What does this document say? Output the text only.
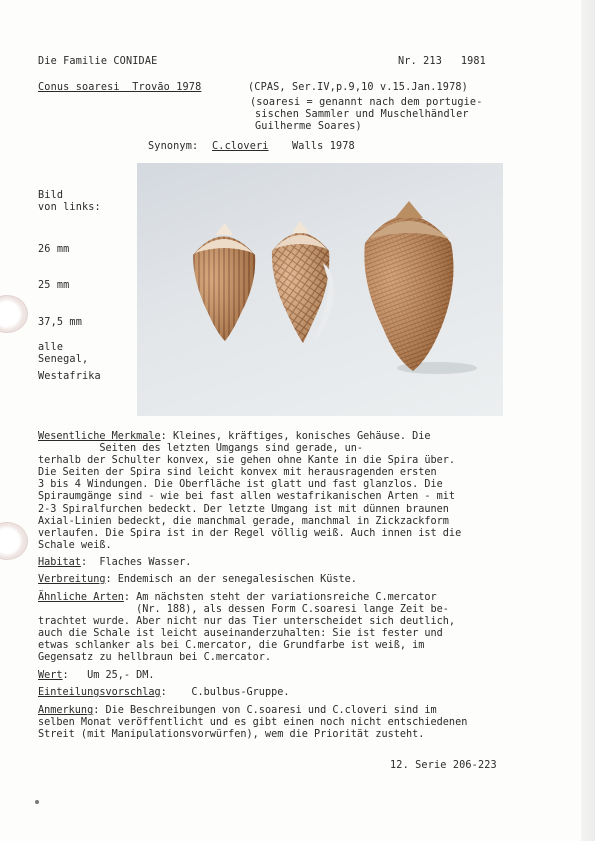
Die Familie CONIDAE	Nr. 213   1981
Conus soaresi  Trovão 1978	(CPAS, Ser.IV,p.9,10 v.15.Jan.1978)
(soaresi = genannt nach dem portugie-
sischen Sammler und Muschelhändler
Guilherme Soares)
Synonym: C.cloveri Walls 1978
Bild
von links:
26 mm
25 mm
37,5 mm
alle
Senegal,
Westafrika
Wesentliche Merkmale: Kleines, kräftiges, konisches Gehäuse. Die
Seiten des letzten Umgangs sind gerade, un-
terhalb der Schulter konvex, sie gehen ohne Kante in die Spira über.
Die Seiten der Spira sind leicht konvex mit herausragenden ersten
3 bis 4 Windungen. Die Oberfläche ist glatt und fast glanzlos. Die
Spiraumgänge sind - wie bei fast allen westafrikanischen Arten - mit
2-3 Spiralfurchen bedeckt. Der letzte Umgang ist mit dünnen braunen
Axial-Linien bedeckt, die manchmal gerade, manchmal in Zickzackform
verlaufen. Die Spira ist in der Regel völlig weiß. Auch innen ist die
Schale weiß.
Habitat:  Flaches Wasser.
Verbreitung: Endemisch an der senegalesischen Küste.
Ähnliche Arten: Am nächsten steht der variationsreiche C.mercator
(Nr. 188), als dessen Form C.soaresi lange Zeit be-
trachtet wurde. Aber nicht nur das Tier unterscheidet sich deutlich,
auch die Schale ist leicht auseinanderzuhalten: Sie ist fester und
etwas schlanker als bei C.mercator, die Grundfarbe ist weiß, im
Gegensatz zu hellbraun bei C.mercator.
Wert:   Um 25,- DM.
Einteilungsvorschlag:    C.bulbus-Gruppe.
Anmerkung: Die Beschreibungen von C.soaresi und C.cloveri sind im
selben Monat veröffentlicht und es gibt einen noch nicht entschiedenen
Streit (mit Manipulationsvorwürfen), wem die Priorität zusteht.
12. Serie 206-223
